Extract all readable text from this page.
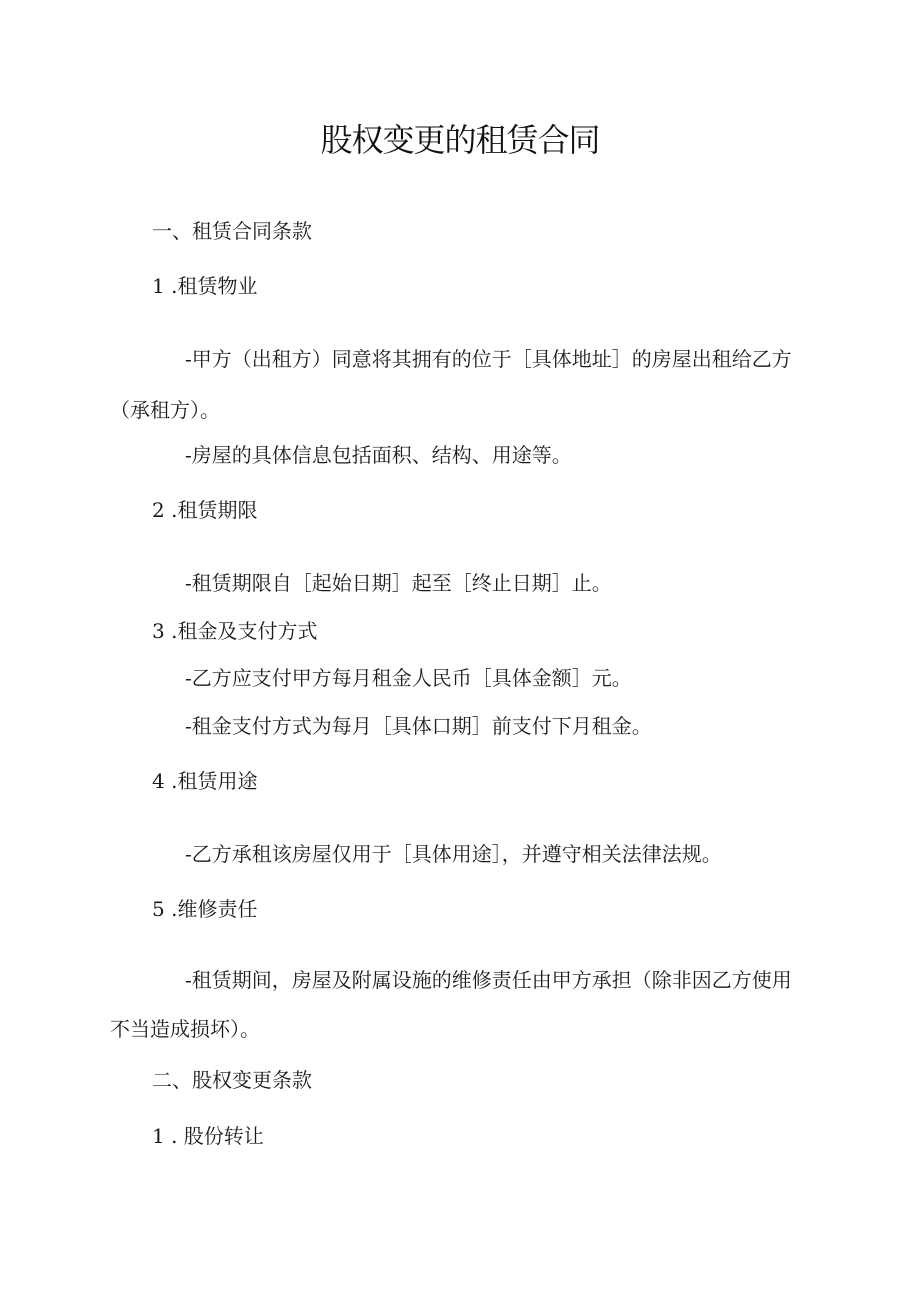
股权变更的租赁合同
一、租赁合同条款
1 .租赁物业
-甲方（出租方）同意将其拥有的位于［具体地址］的房屋出租给乙方
（承租方）。
-房屋的具体信息包括面积、结构、用途等。
2 .租赁期限
-租赁期限自［起始日期］起至［终止日期］止。
3 .租金及支付方式
-乙方应支付甲方每月租金人民币［具体金额］元。
-租金支付方式为每月［具体口期］前支付下月租金。
4 .租赁用途
-乙方承租该房屋仅用于［具体用途］，并遵守相关法律法规。
5 .维修责任
-租赁期间，房屋及附属设施的维修责任由甲方承担（除非因乙方使用
不当造成损坏）。
二、股权变更条款
1 . 股份转让
